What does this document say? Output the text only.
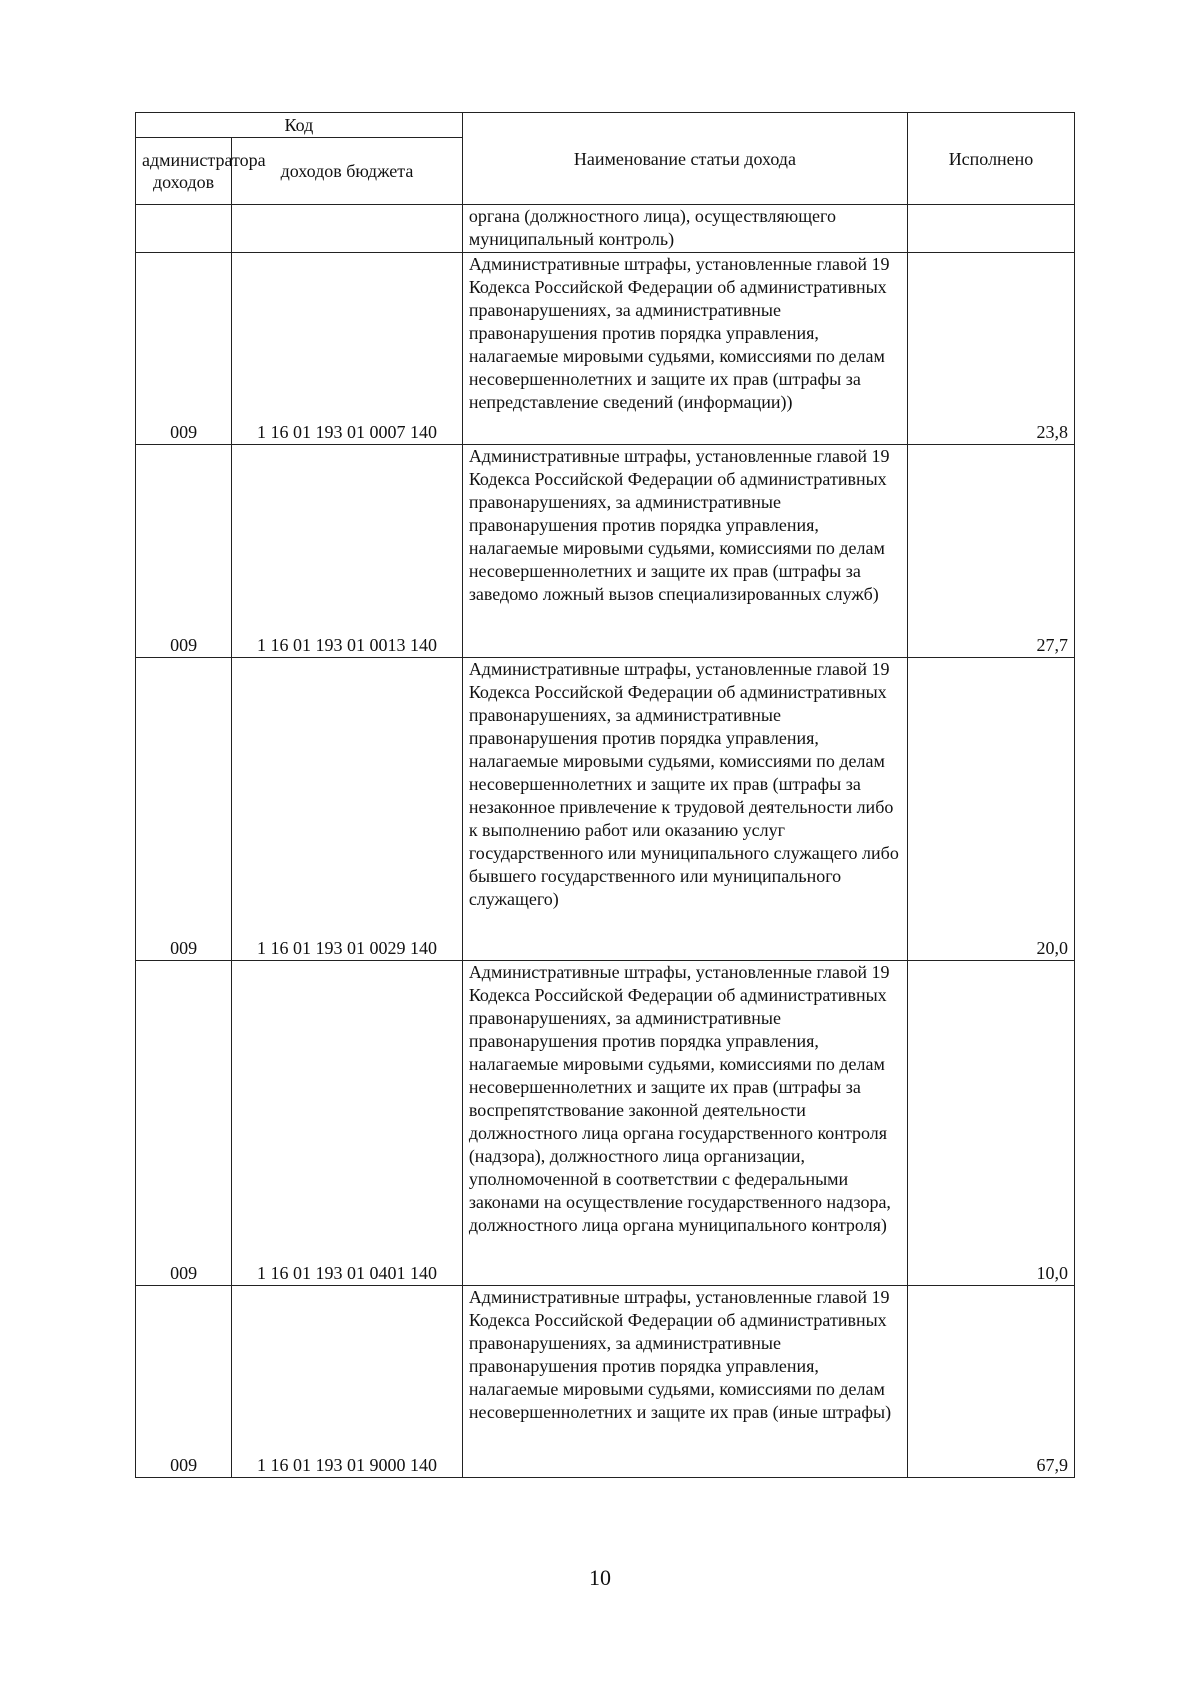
Код		Наименование статьи дохода	Исполнено
администратора доходов	доходов бюджета		
		органа (должностного лица), осуществляющего муниципальный контроль)	
009	1 16 01 193 01 0007 140	Административные штрафы, установленные главой 19 Кодекса Российской Федерации об административных правонарушениях, за административные правонарушения против порядка управления, налагаемые мировыми судьями, комиссиями по делам несовершеннолетних и защите их прав (штрафы за непредставление сведений (информации))	23,8
009	1 16 01 193 01 0013 140	Административные штрафы, установленные главой 19 Кодекса Российской Федерации об административных правонарушениях, за административные правонарушения против порядка управления, налагаемые мировыми судьями, комиссиями по делам несовершеннолетних и защите их прав (штрафы за заведомо ложный вызов специализированных служб)	27,7
009	1 16 01 193 01 0029 140	Административные штрафы, установленные главой 19 Кодекса Российской Федерации об административных правонарушениях, за административные правонарушения против порядка управления, налагаемые мировыми судьями, комиссиями по делам несовершеннолетних и защите их прав (штрафы за незаконное привлечение к трудовой деятельности либо к выполнению работ или оказанию услуг государственного или муниципального служащего либо бывшего государственного или муниципального служащего)	20,0
009	1 16 01 193 01 0401 140	Административные штрафы, установленные главой 19 Кодекса Российской Федерации об административных правонарушениях, за административные правонарушения против порядка управления, налагаемые мировыми судьями, комиссиями по делам несовершеннолетних и защите их прав (штрафы за воспрепятствование законной деятельности должностного лица органа государственного контроля (надзора), должностного лица организации, уполномоченной в соответствии с федеральными законами на осуществление государственного надзора, должностного лица органа муниципального контроля)	10,0
009	1 16 01 193 01 9000 140	Административные штрафы, установленные главой 19 Кодекса Российской Федерации об административных правонарушениях, за административные правонарушения против порядка управления, налагаемые мировыми судьями, комиссиями по делам несовершеннолетних и защите их прав (иные штрафы)	67,9
10
